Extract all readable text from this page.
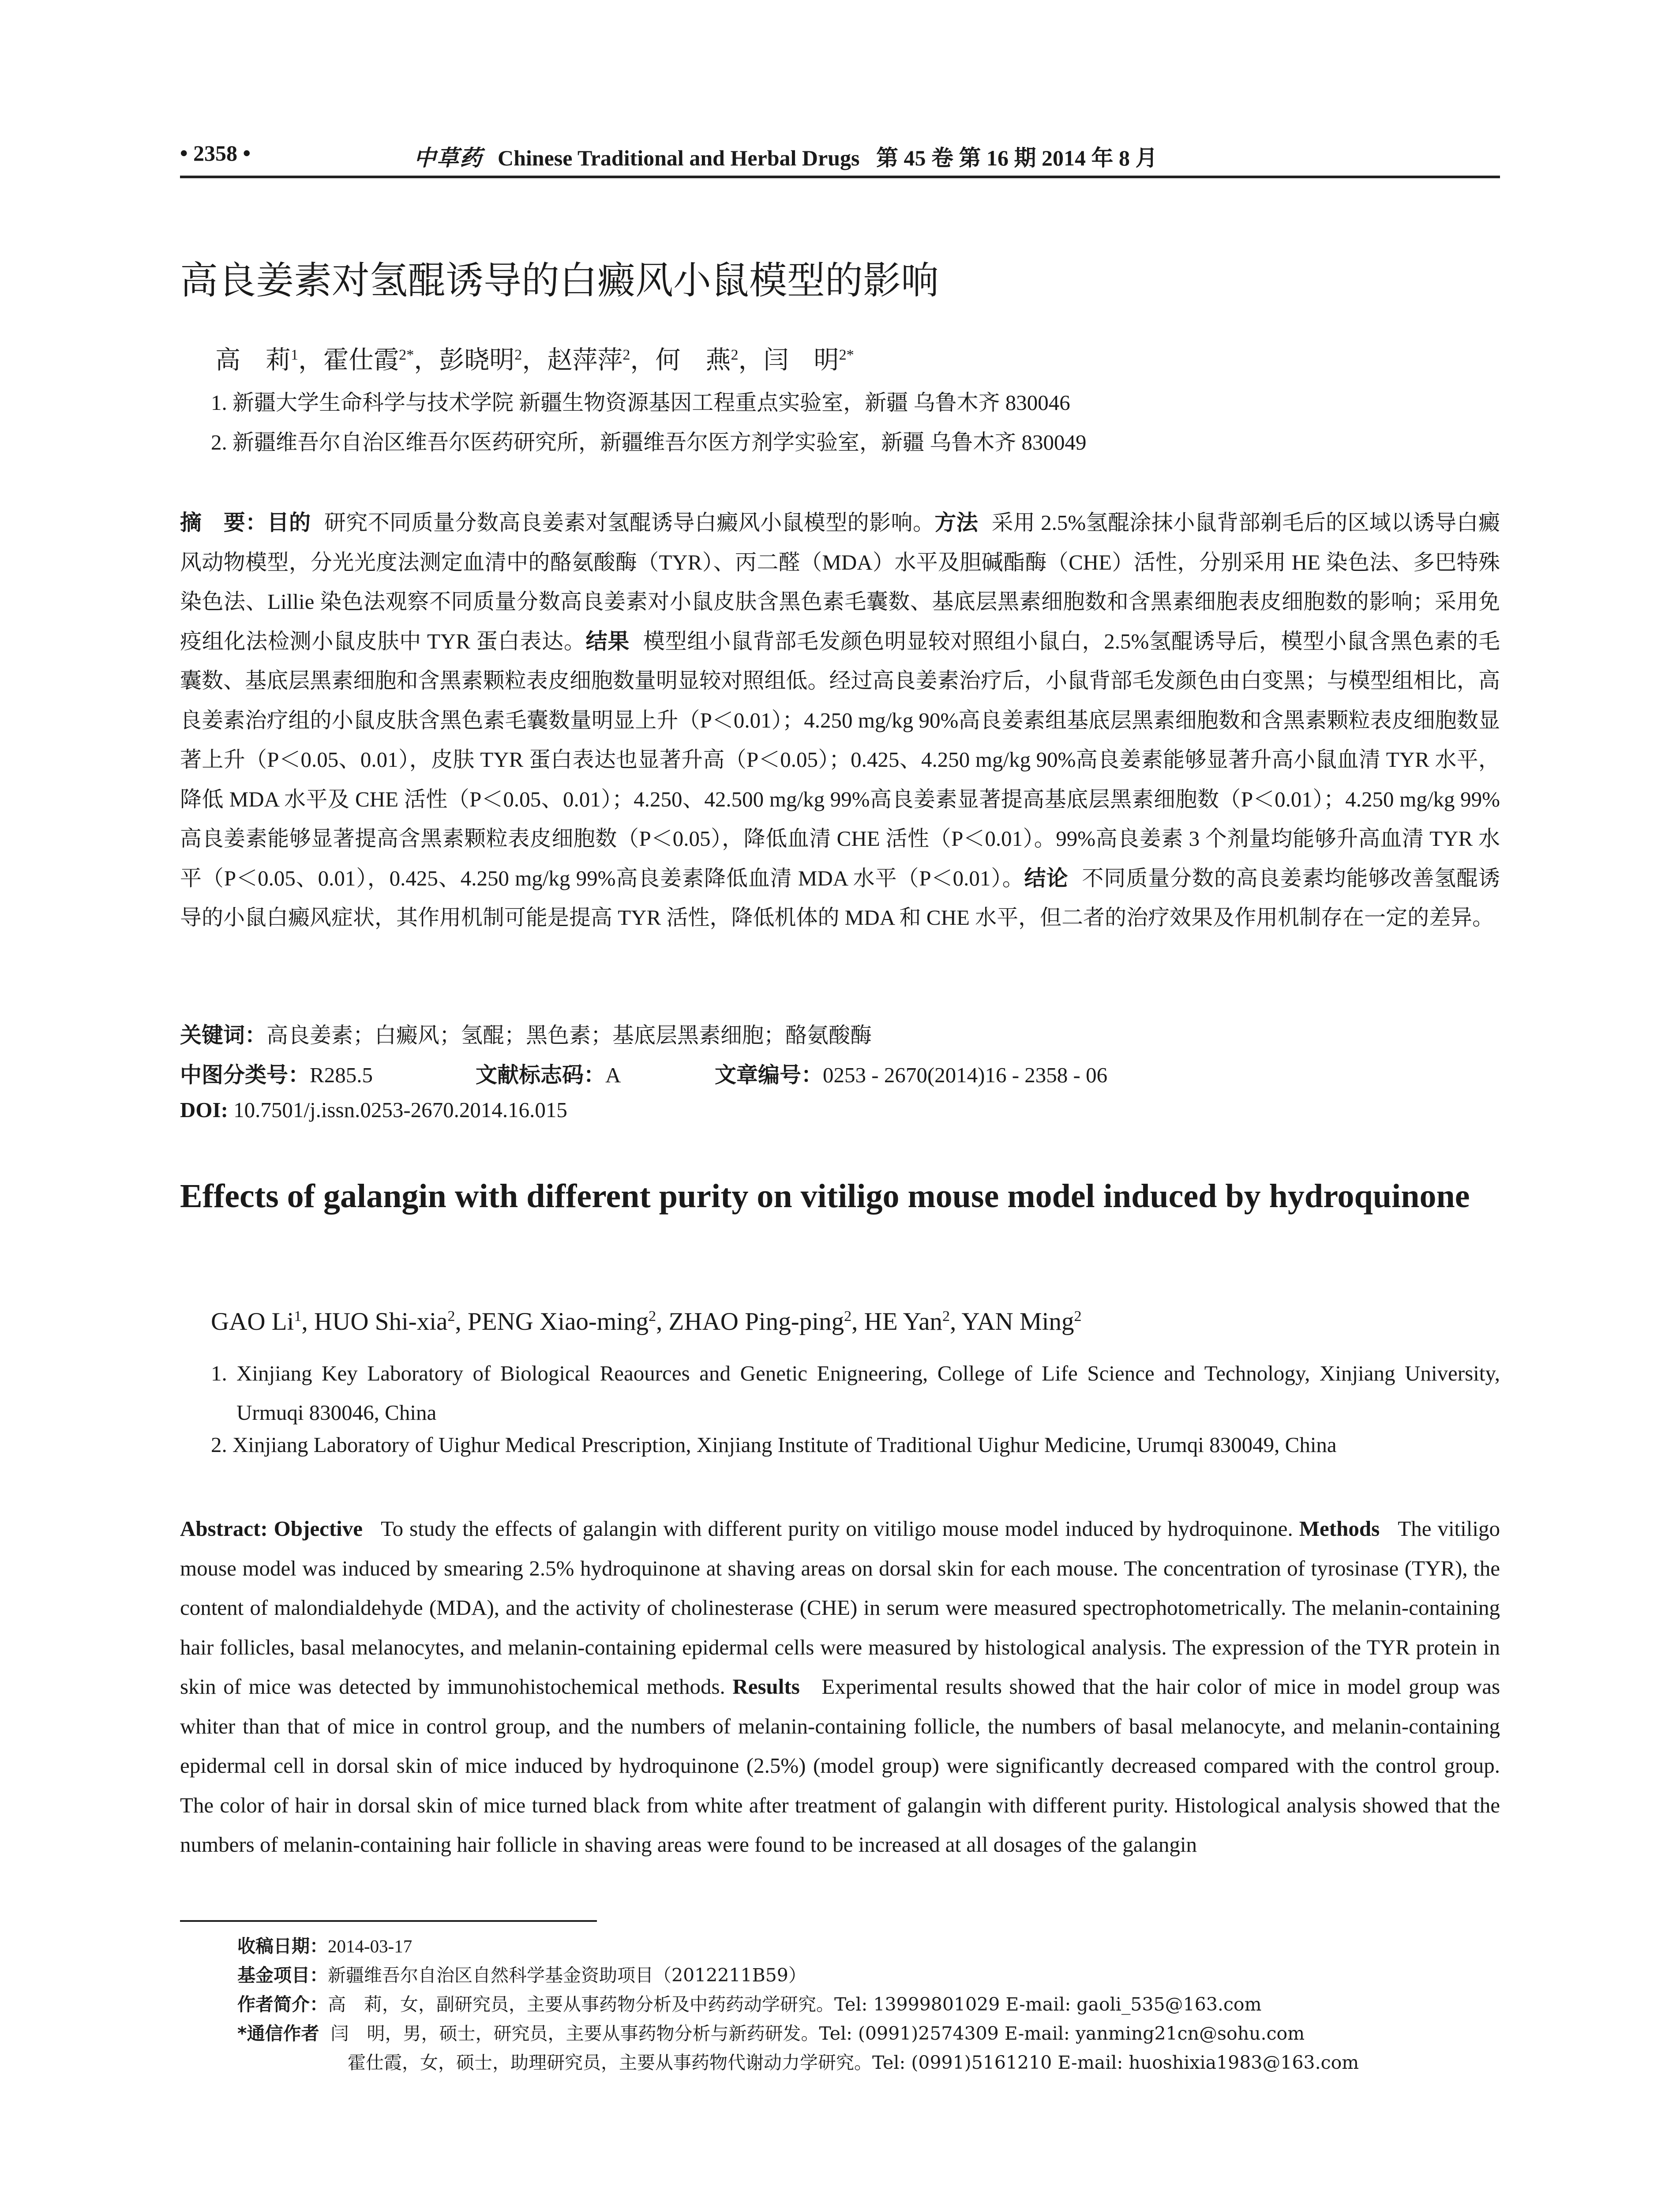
• 2358 •	中草药 Chinese Traditional and Herbal Drugs 第 45 卷 第 16 期 2014 年 8 月
高良姜素对氢醌诱导的白癜风小鼠模型的影响
高　莉$^1$，霍仕霞$^{2*}$，彭晓明$^2$，赵萍萍$^2$，何　燕$^2$，闫　明$^{2*}$
1. 新疆大学生命科学与技术学院 新疆生物资源基因工程重点实验室，新疆 乌鲁木齐 830046
2. 新疆维吾尔自治区维吾尔医药研究所，新疆维吾尔医方剂学实验室，新疆 乌鲁木齐 830049
摘　要：目的 研究不同质量分数高良姜素对氢醌诱导白癜风小鼠模型的影响。方法 采用 2.5%氢醌涂抹小鼠背部剃毛后的区域以诱导白癜风动物模型，分光光度法测定血清中的酪氨酸酶（TYR）、丙二醛（MDA）水平及胆碱酯酶（CHE）活性，分别采用 HE 染色法、多巴特殊染色法、Lillie 染色法观察不同质量分数高良姜素对小鼠皮肤含黑色素毛囊数、基底层黑素细胞数和含黑素细胞表皮细胞数的影响；采用免疫组化法检测小鼠皮肤中 TYR 蛋白表达。结果 模型组小鼠背部毛发颜色明显较对照组小鼠白，2.5%氢醌诱导后，模型小鼠含黑色素的毛囊数、基底层黑素细胞和含黑素颗粒表皮细胞数量明显较对照组低。经过高良姜素治疗后，小鼠背部毛发颜色由白变黑；与模型组相比，高良姜素治疗组的小鼠皮肤含黑色素毛囊数量明显上升（P＜0.01）；4.250 mg/kg 90%高良姜素组基底层黑素细胞数和含黑素颗粒表皮细胞数显著上升（P＜0.05、0.01），皮肤 TYR 蛋白表达也显著升高（P＜0.05）；0.425、4.250 mg/kg 90%高良姜素能够显著升高小鼠血清 TYR 水平，降低 MDA 水平及 CHE 活性（P＜0.05、0.01）；4.250、42.500 mg/kg 99%高良姜素显著提高基底层黑素细胞数（P＜0.01）；4.250 mg/kg 99%高良姜素能够显著提高含黑素颗粒表皮细胞数（P＜0.05），降低血清 CHE 活性（P＜0.01）。99%高良姜素 3 个剂量均能够升高血清 TYR 水平（P＜0.05、0.01），0.425、4.250 mg/kg 99%高良姜素降低血清 MDA 水平（P＜0.01）。结论 不同质量分数的高良姜素均能够改善氢醌诱导的小鼠白癜风症状，其作用机制可能是提高 TYR 活性，降低机体的 MDA 和 CHE 水平，但二者的治疗效果及作用机制存在一定的差异。
关键词：高良姜素；白癜风；氢醌；黑色素；基底层黑素细胞；酪氨酸酶
中图分类号：R285.5	文献标志码：A	文章编号：0253 - 2670(2014)16 - 2358 - 06
DOI: 10.7501/j.issn.0253-2670.2014.16.015
Effects of galangin with different purity on vitiligo mouse model induced by hydroquinone
GAO Li$^1$, HUO Shi-xia$^2$, PENG Xiao-ming$^2$, ZHAO Ping-ping$^2$, HE Yan$^2$, YAN Ming$^2$
1. Xinjiang Key Laboratory of Biological Reaources and Genetic Enigneering, College of Life Science and Technology, Xinjiang University, Urmuqi 830046, China
2. Xinjiang Laboratory of Uighur Medical Prescription, Xinjiang Institute of Traditional Uighur Medicine, Urumqi 830049, China
Abstract: Objective To study the effects of galangin with different purity on vitiligo mouse model induced by hydroquinone. Methods The vitiligo mouse model was induced by smearing 2.5% hydroquinone at shaving areas on dorsal skin for each mouse. The concentration of tyrosinase (TYR), the content of malondialdehyde (MDA), and the activity of cholinesterase (CHE) in serum were measured spectrophotometrically. The melanin-containing hair follicles, basal melanocytes, and melanin-containing epidermal cells were measured by histological analysis. The expression of the TYR protein in skin of mice was detected by immunohistochemical methods. Results Experimental results showed that the hair color of mice in model group was whiter than that of mice in control group, and the numbers of melanin-containing follicle, the numbers of basal melanocyte, and melanin-containing epidermal cell in dorsal skin of mice induced by hydroquinone (2.5%) (model group) were significantly decreased compared with the control group. The color of hair in dorsal skin of mice turned black from white after treatment of galangin with different purity. Histological analysis showed that the numbers of melanin-containing hair follicle in shaving areas were found to be increased at all dosages of the galangin
收稿日期：2014-03-17
基金项目：新疆维吾尔自治区自然科学基金资助项目（2012211B59）
作者简介：高　莉，女，副研究员，主要从事药物分析及中药药动学研究。Tel: 13999801029 E-mail: gaoli_535@163.com
*通信作者 闫　明，男，硕士，研究员，主要从事药物分析与新药研发。Tel: (0991)2574309 E-mail: yanming21cn@sohu.com
霍仕霞，女，硕士，助理研究员，主要从事药物代谢动力学研究。Tel: (0991)5161210 E-mail: huoshixia1983@163.com
